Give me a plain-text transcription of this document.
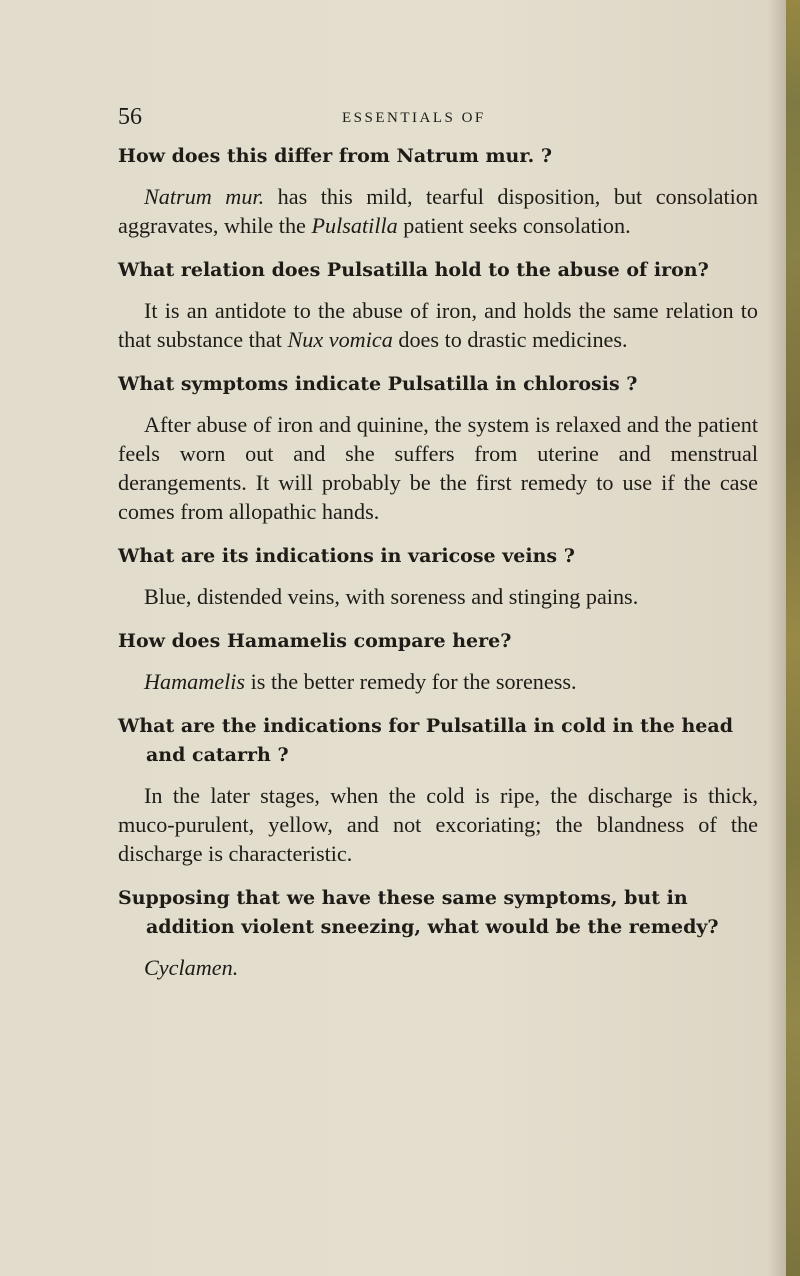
56	ESSENTIALS OF

How does this differ from Natrum mur. ?

Natrum mur. has this mild, tearful disposition, but consolation aggravates, while the Pulsatilla patient seeks consolation.

What relation does Pulsatilla hold to the abuse of iron?

It is an antidote to the abuse of iron, and holds the same relation to that substance that Nux vomica does to drastic medicines.

What symptoms indicate Pulsatilla in chlorosis ?

After abuse of iron and quinine, the system is relaxed and the patient feels worn out and she suffers from uterine and menstrual derangements. It will probably be the first remedy to use if the case comes from allopathic hands.

What are its indications in varicose veins ?

Blue, distended veins, with soreness and stinging pains.

How does Hamamelis compare here?

Hamamelis is the better remedy for the soreness.

What are the indications for Pulsatilla in cold in the head and catarrh ?

In the later stages, when the cold is ripe, the discharge is thick, muco-purulent, yellow, and not excoriating; the blandness of the discharge is characteristic.

Supposing that we have these same symptoms, but in addition violent sneezing, what would be the remedy?

Cyclamen.
